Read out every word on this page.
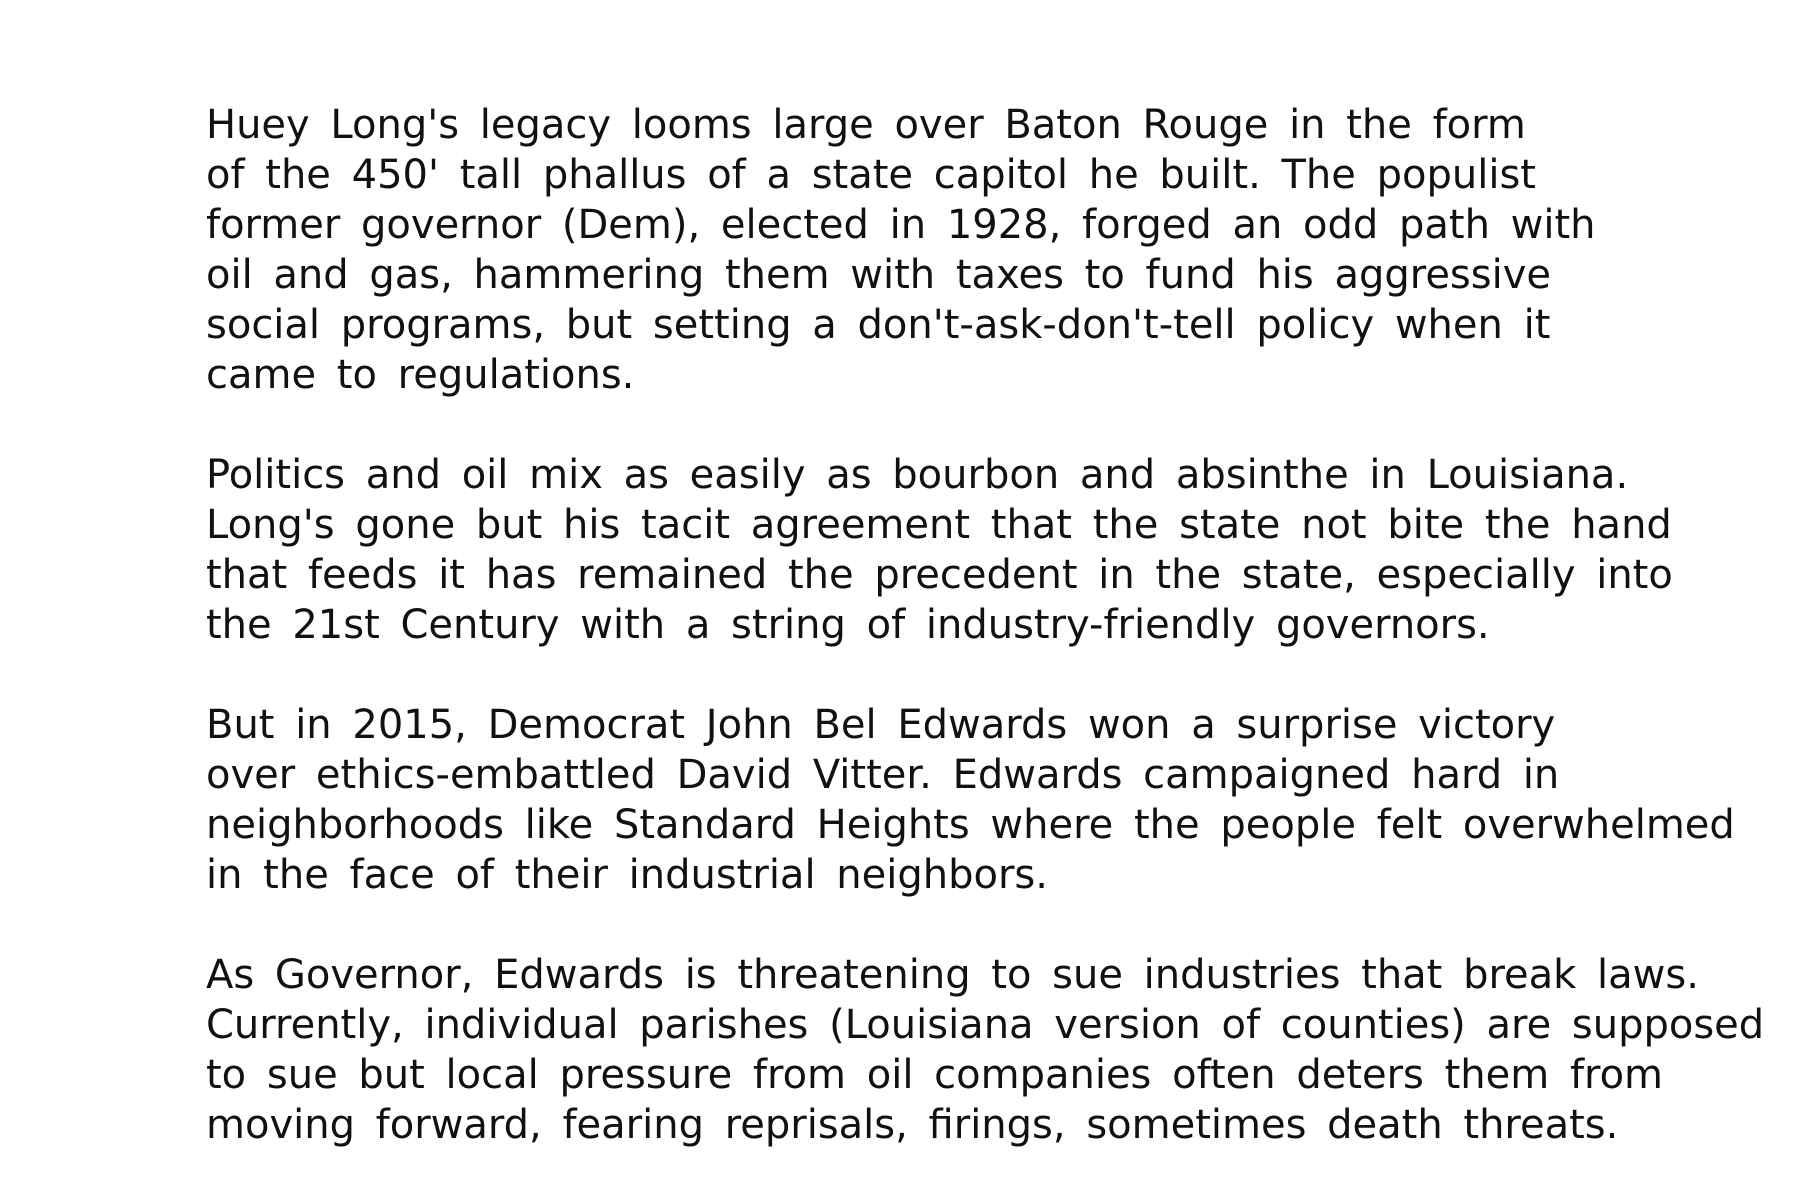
Huey Long's legacy looms large over Baton Rouge in the form
of the 450' tall phallus of a state capitol he built. The populist
former governor (Dem), elected in 1928, forged an odd path with
oil and gas, hammering them with taxes to fund his aggressive
social programs, but setting a don't-ask-don't-tell policy when it
came to regulations.

Politics and oil mix as easily as bourbon and absinthe in Louisiana.
Long's gone but his tacit agreement that the state not bite the hand
that feeds it has remained the precedent in the state, especially into
the 21st Century with a string of industry-friendly governors.

But in 2015, Democrat John Bel Edwards won a surprise victory
over ethics-embattled David Vitter. Edwards campaigned hard in
neighborhoods like Standard Heights where the people felt overwhelmed
in the face of their industrial neighbors.

As Governor, Edwards is threatening to sue industries that break laws.
Currently, individual parishes (Louisiana version of counties) are supposed
to sue but local pressure from oil companies often deters them from
moving forward, fearing reprisals, firings, sometimes death threats.
